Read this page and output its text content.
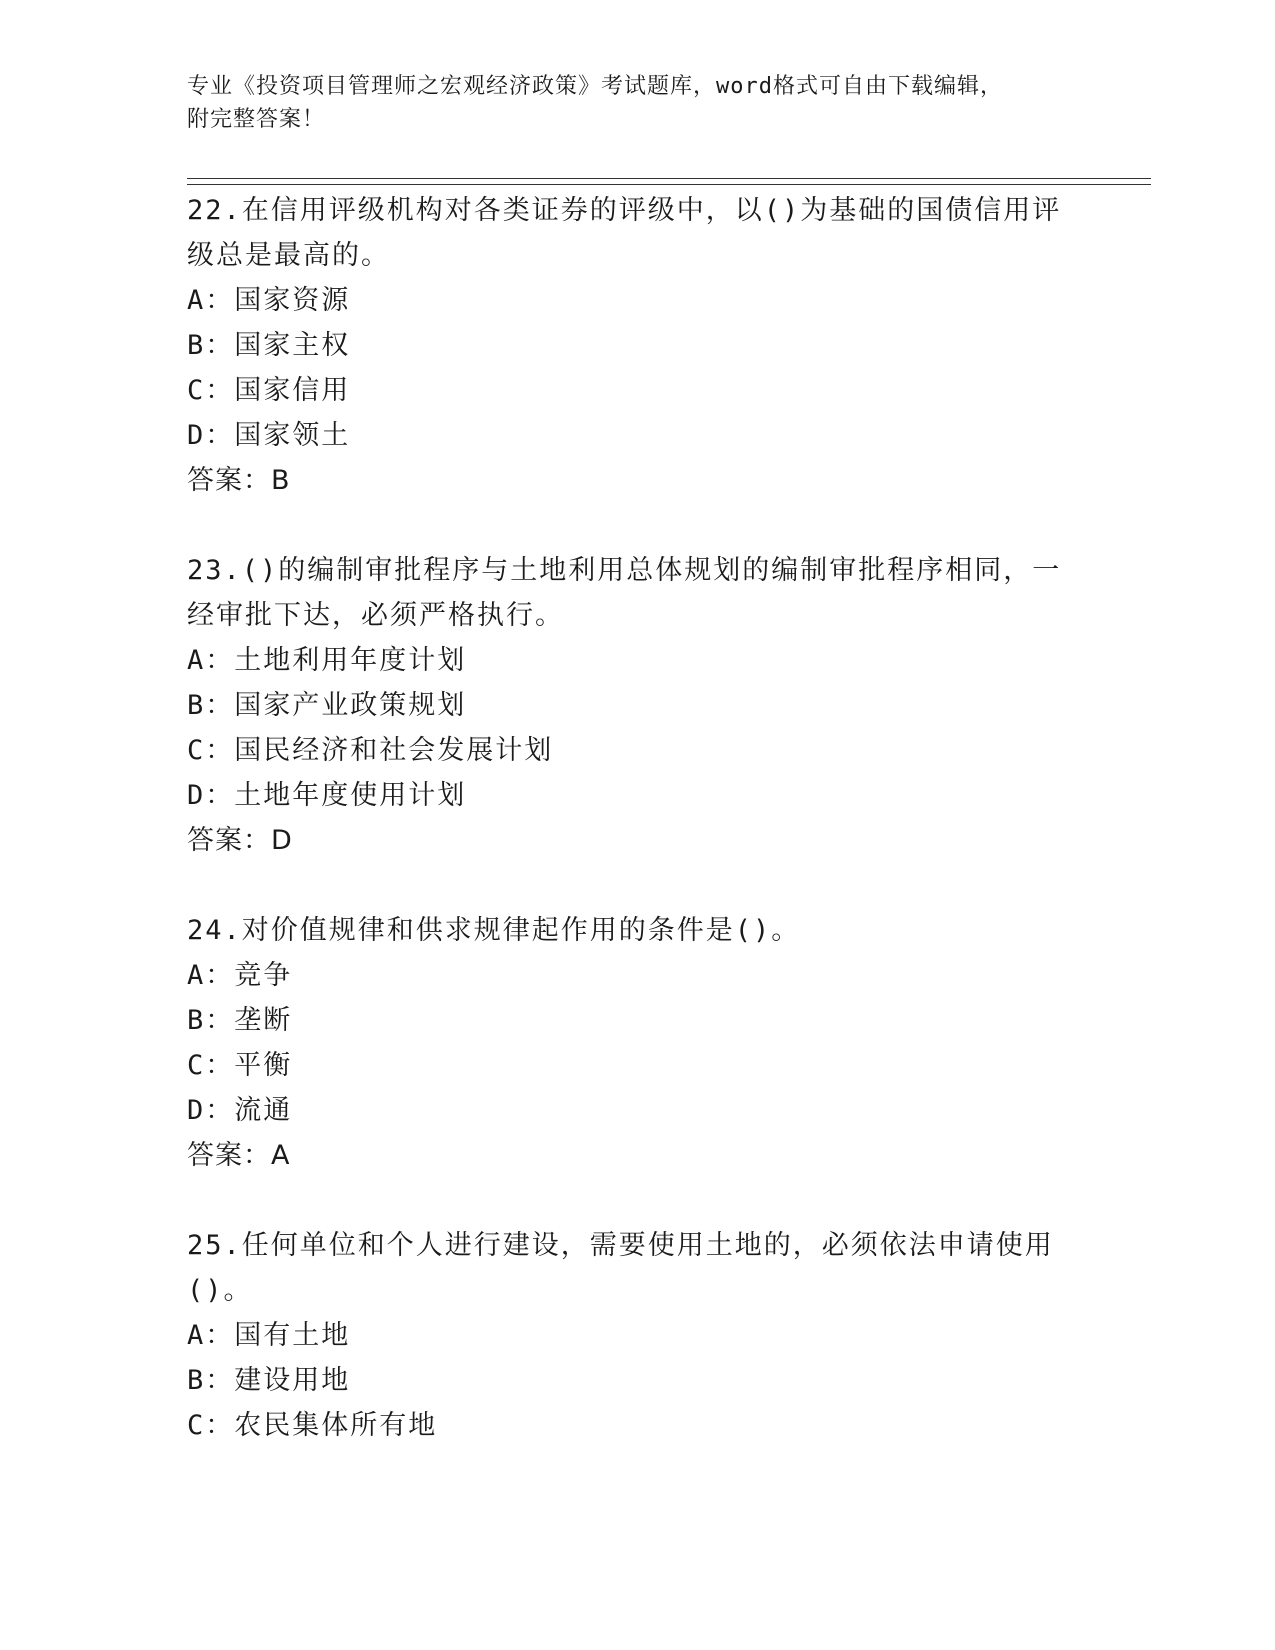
专业《投资项目管理师之宏观经济政策》考试题库，word格式可自由下载编辑，
附完整答案！
22.在信用评级机构对各类证券的评级中，以()为基础的国债信用评级总是最高的。
A：国家资源
B：国家主权
C：国家信用
D：国家领土
答案：B
23.()的编制审批程序与土地利用总体规划的编制审批程序相同，一经审批下达，必须严格执行。
A：土地利用年度计划
B：国家产业政策规划
C：国民经济和社会发展计划
D：土地年度使用计划
答案：D
24.对价值规律和供求规律起作用的条件是()。
A：竞争
B：垄断
C：平衡
D：流通
答案：A
25.任何单位和个人进行建设，需要使用土地的，必须依法申请使用()。
A：国有土地
B：建设用地
C：农民集体所有地
